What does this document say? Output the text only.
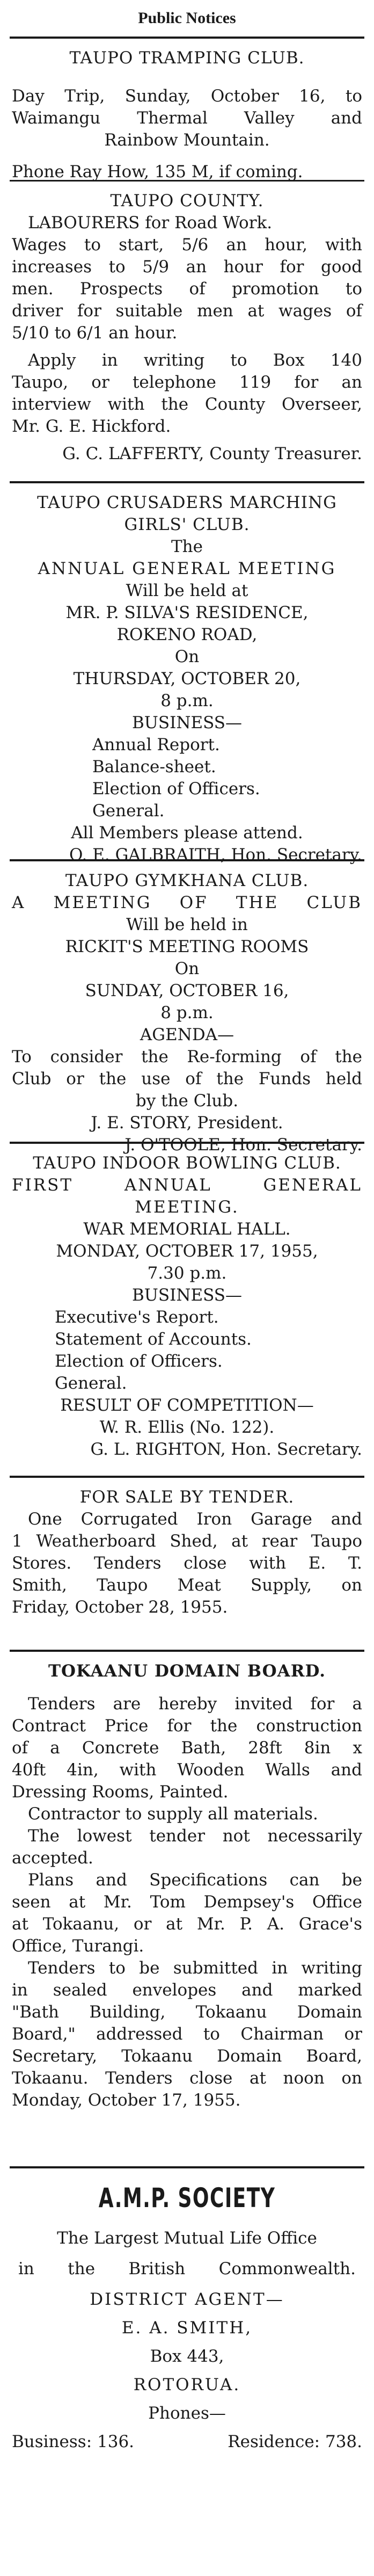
Public Notices
TAUPO TRAMPING CLUB.
Day Trip, Sunday, October 16, to
Waimangu Thermal Valley and
Rainbow Mountain.
Phone Ray How, 135 M, if coming.
TAUPO COUNTY.
LABOURERS for Road Work.
Wages to start, 5/6 an hour, with
increases to 5/9 an hour for good
men. Prospects of promotion to
driver for suitable men at wages of
5/10 to 6/1 an hour.
Apply in writing to Box 140
Taupo, or telephone 119 for an
interview with the County Overseer,
Mr. G. E. Hickford.
G. C. LAFFERTY, County Treasurer.
TAUPO CRUSADERS MARCHING
GIRLS' CLUB.
The
ANNUAL GENERAL MEETING
Will be held at
MR. P. SILVA'S RESIDENCE,
ROKENO ROAD,
On
THURSDAY, OCTOBER 20,
8 p.m.
BUSINESS—
Annual Report.
Balance-sheet.
Election of Officers.
General.
All Members please attend.
O. E. GALBRAITH, Hon. Secretary.
TAUPO GYMKHANA CLUB.
A MEETING OF THE CLUB
Will be held in
RICKIT'S MEETING ROOMS
On
SUNDAY, OCTOBER 16,
8 p.m.
AGENDA—
To consider the Re-forming of the
Club or the use of the Funds held
by the Club.
J. E. STORY, President.
J. O'TOOLE, Hon. Secretary.
TAUPO INDOOR BOWLING CLUB.
FIRST ANNUAL GENERAL
MEETING.
WAR MEMORIAL HALL.
MONDAY, OCTOBER 17, 1955,
7.30 p.m.
BUSINESS—
Executive's Report.
Statement of Accounts.
Election of Officers.
General.
RESULT OF COMPETITION—
W. R. Ellis (No. 122).
G. L. RIGHTON, Hon. Secretary.
FOR SALE BY TENDER.
One Corrugated Iron Garage and
1 Weatherboard Shed, at rear Taupo
Stores. Tenders close with E. T.
Smith, Taupo Meat Supply, on
Friday, October 28, 1955.
TOKAANU DOMAIN BOARD.
Tenders are hereby invited for a
Contract Price for the construction
of a Concrete Bath, 28ft 8in x
40ft 4in, with Wooden Walls and
Dressing Rooms, Painted.
Contractor to supply all materials.
The lowest tender not necessarily
accepted.
Plans and Specifications can be
seen at Mr. Tom Dempsey's Office
at Tokaanu, or at Mr. P. A. Grace's
Office, Turangi.
Tenders to be submitted in writing
in sealed envelopes and marked
"Bath Building, Tokaanu Domain
Board," addressed to Chairman or
Secretary, Tokaanu Domain Board,
Tokaanu. Tenders close at noon on
Monday, October 17, 1955.
A.M.P. SOCIETY
The Largest Mutual Life Office
in the British Commonwealth.
DISTRICT AGENT—
E. A. SMITH,
Box 443,
ROTORUA.
Phones—
Business: 136.	Residence: 738.
